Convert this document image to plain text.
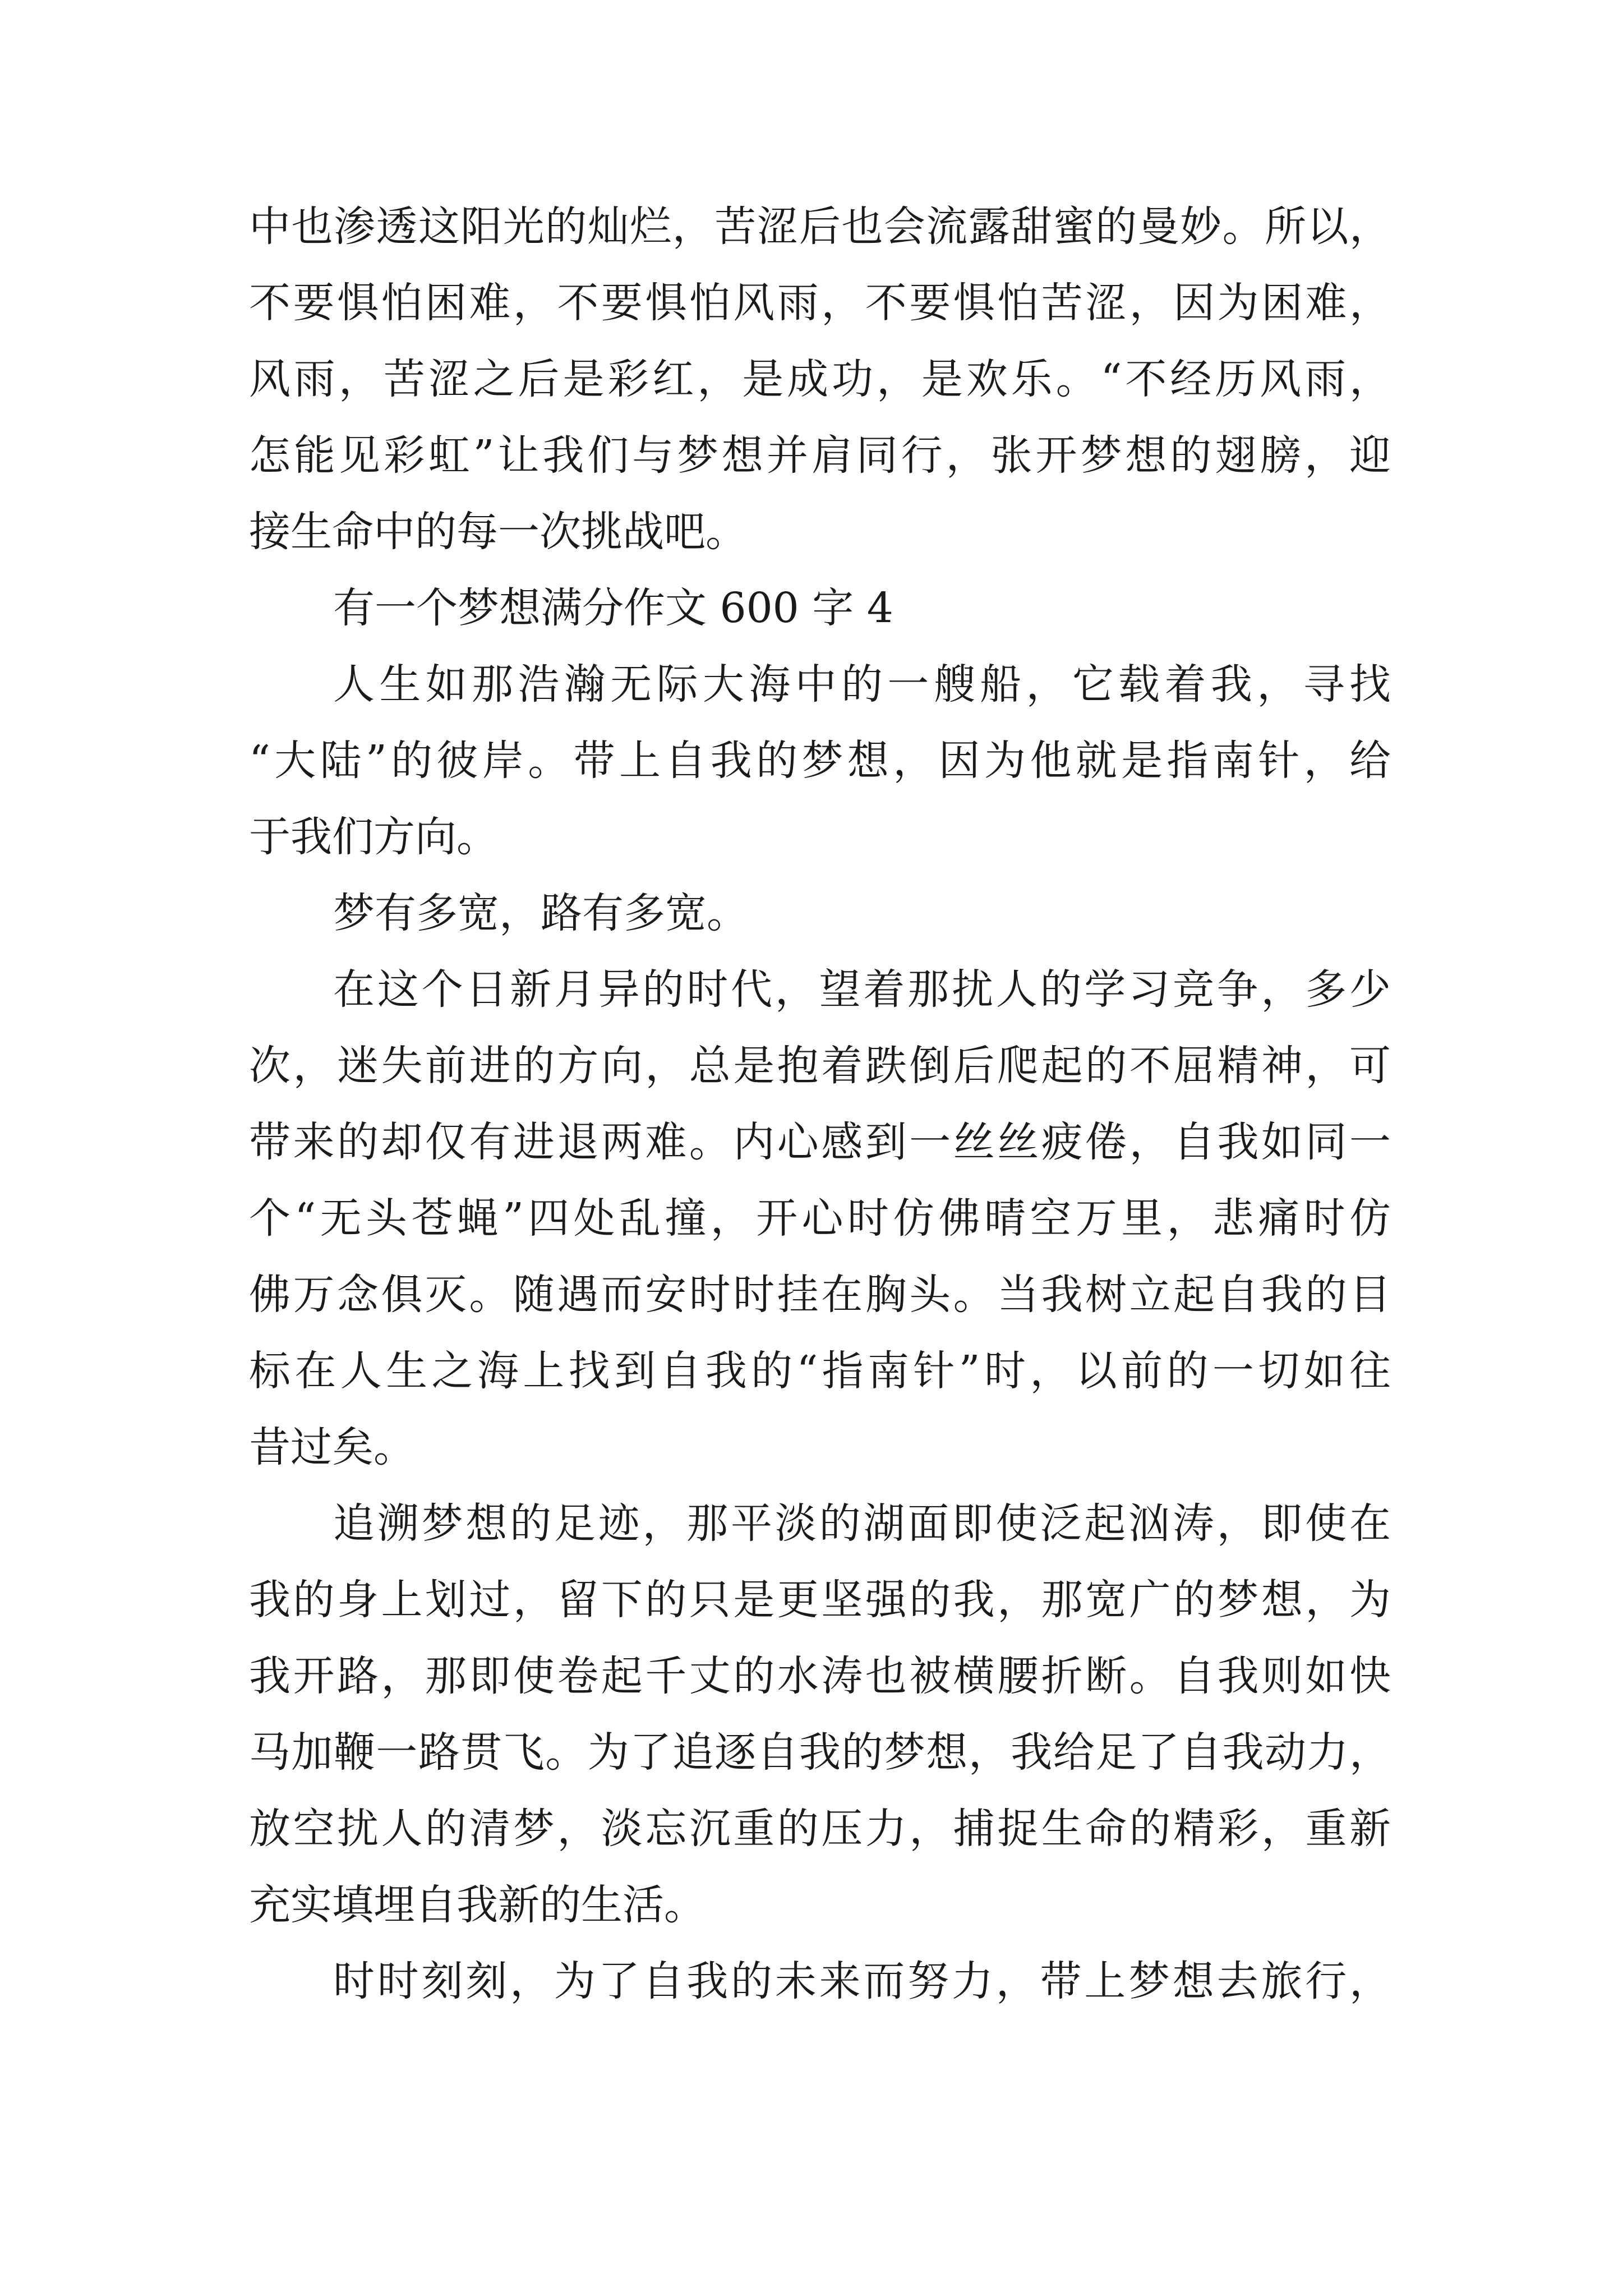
中也渗透这阳光的灿烂，苦涩后也会流露甜蜜的曼妙。所以，
不要惧怕困难，不要惧怕风雨，不要惧怕苦涩，因为困难，
风雨，苦涩之后是彩红，是成功，是欢乐。“不经历风雨，
怎能见彩虹”让我们与梦想并肩同行，张开梦想的翅膀，迎
接生命中的每一次挑战吧。
有一个梦想满分作文 600 字 4
人生如那浩瀚无际大海中的一艘船，它载着我，寻找
“大陆”的彼岸。带上自我的梦想，因为他就是指南针，给
于我们方向。
梦有多宽，路有多宽。
在这个日新月异的时代，望着那扰人的学习竞争，多少
次，迷失前进的方向，总是抱着跌倒后爬起的不屈精神，可
带来的却仅有进退两难。内心感到一丝丝疲倦，自我如同一
个“无头苍蝇”四处乱撞，开心时仿佛晴空万里，悲痛时仿
佛万念俱灭。随遇而安时时挂在胸头。当我树立起自我的目
标在人生之海上找到自我的“指南针”时，以前的一切如往
昔过矣。
追溯梦想的足迹，那平淡的湖面即使泛起汹涛，即使在
我的身上划过，留下的只是更坚强的我，那宽广的梦想，为
我开路，那即使卷起千丈的水涛也被横腰折断。自我则如快
马加鞭一路贯飞。为了追逐自我的梦想，我给足了自我动力，
放空扰人的清梦，淡忘沉重的压力，捕捉生命的精彩，重新
充实填埋自我新的生活。
时时刻刻，为了自我的未来而努力，带上梦想去旅行，
